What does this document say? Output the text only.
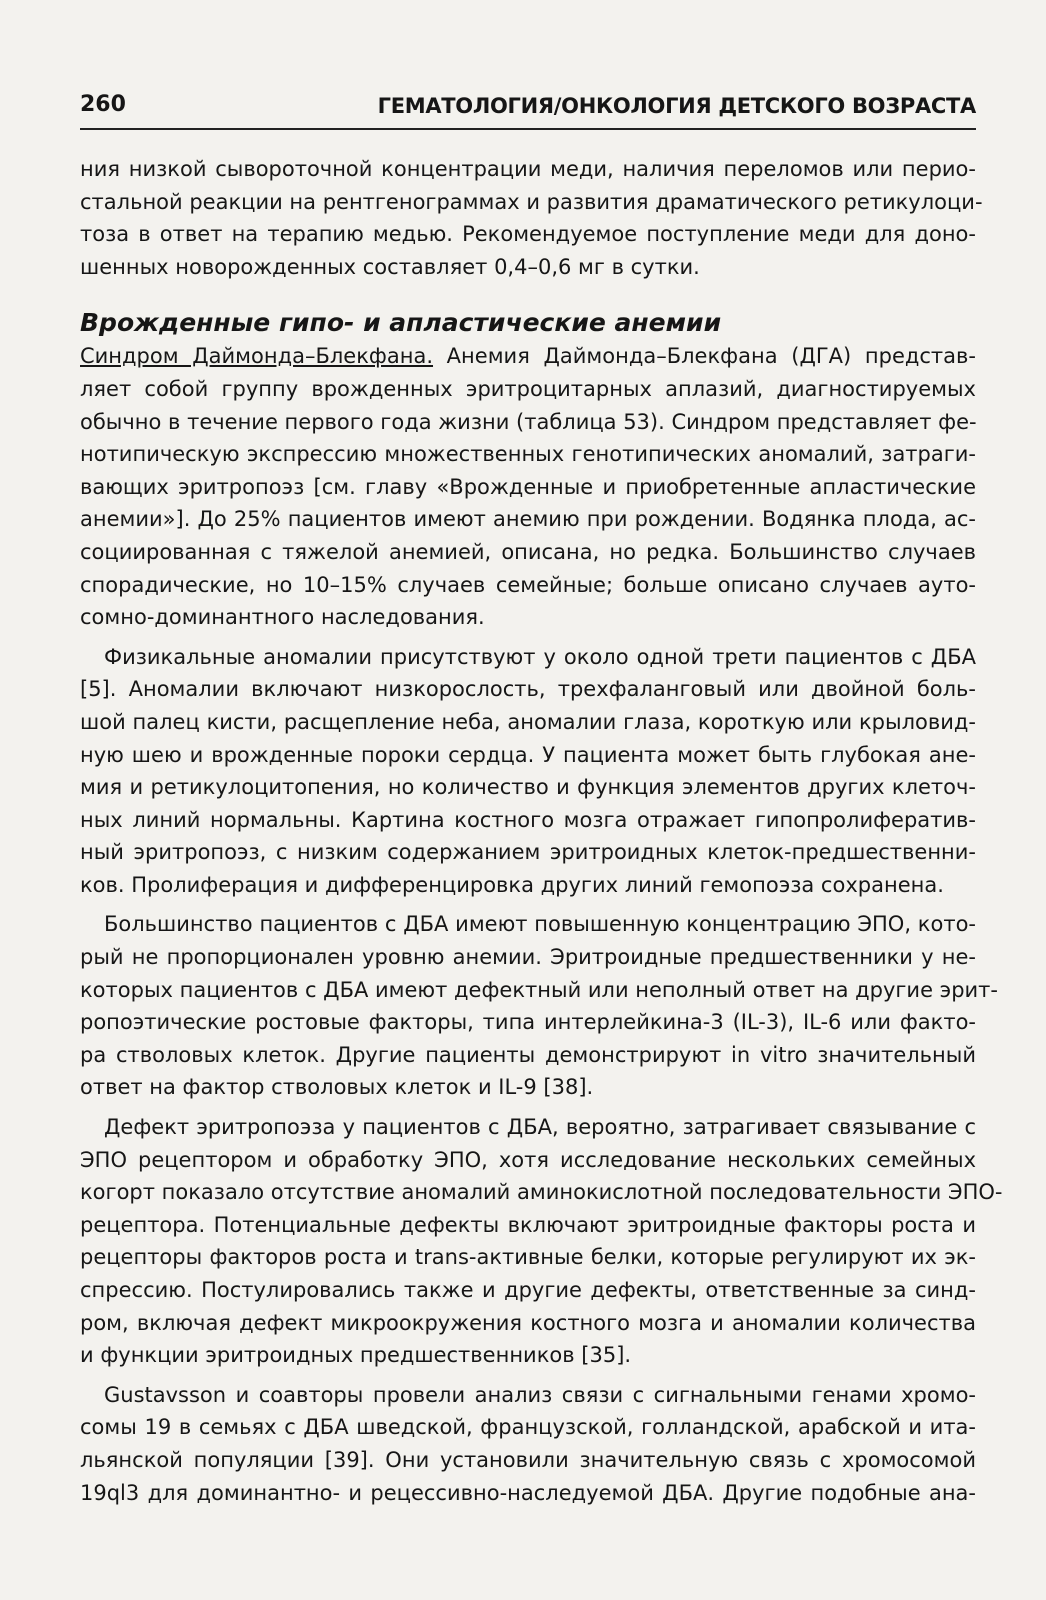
260	ГЕМАТОЛОГИЯ/ОНКОЛОГИЯ ДЕТСКОГО ВОЗРАСТА
ния низкой сывороточной концентрации меди, наличия переломов или перио-
стальной реакции на рентгенограммах и развития драматического ретикулоци-
тоза в ответ на терапию медью. Рекомендуемое поступление меди для доно-
шенных новорожденных составляет 0,4–0,6 мг в сутки.
Врожденные гипо- и апластические анемии
Синдром Даймонда–Блекфана. Анемия Даймонда–Блекфана (ДГА) представ-
ляет собой группу врожденных эритроцитарных аплазий, диагностируемых
обычно в течение первого года жизни (таблица 53). Синдром представляет фе-
нотипическую экспрессию множественных генотипических аномалий, затраги-
вающих эритропоэз [см. главу «Врожденные и приобретенные апластические
анемии»]. До 25% пациентов имеют анемию при рождении. Водянка плода, ас-
социированная с тяжелой анемией, описана, но редка. Большинство случаев
спорадические, но 10–15% случаев семейные; больше описано случаев ауто-
сомно-доминантного наследования.
Физикальные аномалии присутствуют у около одной трети пациентов с ДБА
[5]. Аномалии включают низкорослость, трехфаланговый или двойной боль-
шой палец кисти, расщепление неба, аномалии глаза, короткую или крыловид-
ную шею и врожденные пороки сердца. У пациента может быть глубокая ане-
мия и ретикулоцитопения, но количество и функция элементов других клеточ-
ных линий нормальны. Картина костного мозга отражает гипопролифератив-
ный эритропоэз, с низким содержанием эритроидных клеток-предшественни-
ков. Пролиферация и дифференцировка других линий гемопоэза сохранена.
Большинство пациентов с ДБА имеют повышенную концентрацию ЭПО, кото-
рый не пропорционален уровню анемии. Эритроидные предшественники у не-
которых пациентов с ДБА имеют дефектный или неполный ответ на другие эрит-
ропоэтические ростовые факторы, типа интерлейкина-3 (IL-3), IL-6 или факто-
ра стволовых клеток. Другие пациенты демонстрируют in vitro значительный
ответ на фактор стволовых клеток и IL-9 [38].
Дефект эритропоэза у пациентов с ДБА, вероятно, затрагивает связывание с
ЭПО рецептором и обработку ЭПО, хотя исследование нескольких семейных
когорт показало отсутствие аномалий аминокислотной последовательности ЭПО-
рецептора. Потенциальные дефекты включают эритроидные факторы роста и
рецепторы факторов роста и trans-активные белки, которые регулируют их эк-
спрессию. Постулировались также и другие дефекты, ответственные за синд-
ром, включая дефект микроокружения костного мозга и аномалии количества
и функции эритроидных предшественников [35].
Gustavsson и соавторы провели анализ связи с сигнальными генами хромо-
сомы 19 в семьях с ДБА шведской, французской, голландской, арабской и ита-
льянской популяции [39]. Они установили значительную связь с хромосомой
19ql3 для доминантно- и рецессивно-наследуемой ДБА. Другие подобные ана-
